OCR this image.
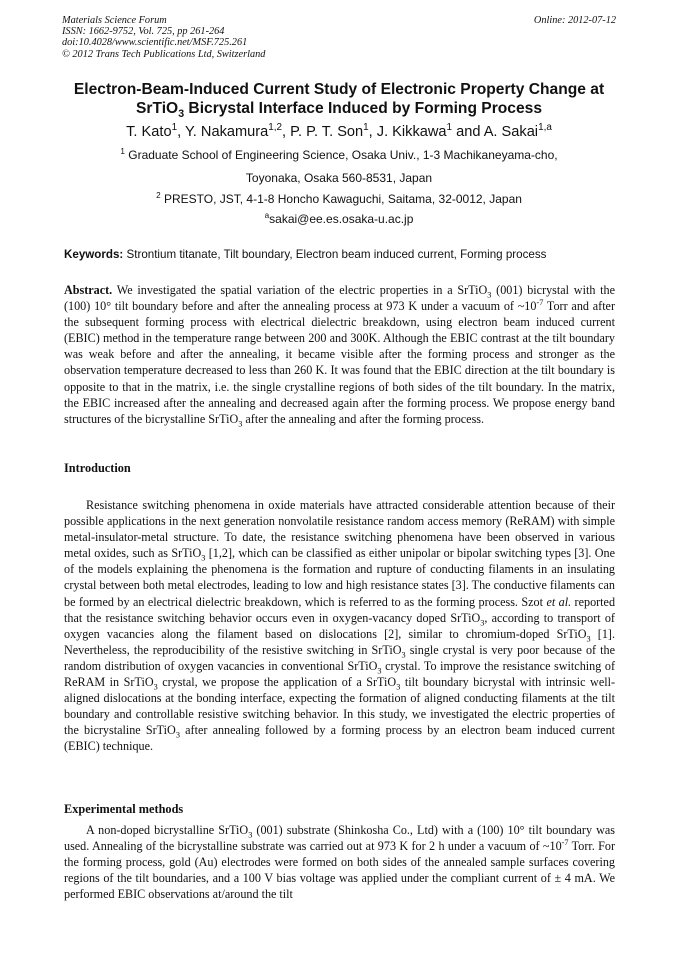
Materials Science Forum
ISSN: 1662-9752, Vol. 725, pp 261-264
doi:10.4028/www.scientific.net/MSF.725.261
© 2012 Trans Tech Publications Ltd, Switzerland
Online: 2012-07-12
Electron-Beam-Induced Current Study of Electronic Property Change at
SrTiO$_3$ Bicrystal Interface Induced by Forming Process
T. Kato$^1$, Y. Nakamura$^{1,2}$, P. P. T. Son$^1$, J. Kikkawa$^1$ and A. Sakai$^{1,a}$
$^1$ Graduate School of Engineering Science, Osaka Univ., 1-3 Machikaneyama-cho,
Toyonaka, Osaka 560-8531, Japan
$^2$ PRESTO, JST, 4-1-8 Honcho Kawaguchi, Saitama, 32-0012, Japan
$^a$sakai@ee.es.osaka-u.ac.jp
Keywords: Strontium titanate, Tilt boundary, Electron beam induced current, Forming process

Abstract. We investigated the spatial variation of the electric properties in a SrTiO$_3$ (001) bicrystal with the (100) 10° tilt boundary before and after the annealing process at 973 K under a vacuum of $\sim 10^{-7}$ Torr and after the subsequent forming process with electrical dielectric breakdown, using electron beam induced current (EBIC) method in the temperature range between 200 and 300K. Although the EBIC contrast at the tilt boundary was weak before and after the annealing, it became visible after the forming process and stronger as the observation temperature decreased to less than 260 K. It was found that the EBIC direction at the tilt boundary is opposite to that in the matrix, i.e. the single crystalline regions of both sides of the tilt boundary. In the matrix, the EBIC increased after the annealing and decreased again after the forming process. We propose energy band structures of the bicrystalline SrTiO$_3$ after the annealing and after the forming process.

Introduction

Resistance switching phenomena in oxide materials have attracted considerable attention because of their possible applications in the next generation nonvolatile resistance random access memory (ReRAM) with simple metal-insulator-metal structure. To date, the resistance switching phenomena have been observed in various metal oxides, such as SrTiO$_3$ [1,2], which can be classified as either unipolar or bipolar switching types [3]. One of the models explaining the phenomena is the formation and rupture of conducting filaments in an insulating crystal between both metal electrodes, leading to low and high resistance states [3]. The conductive filaments can be formed by an electrical dielectric breakdown, which is referred to as the forming process. Szot et al. reported that the resistance switching behavior occurs even in oxygen-vacancy doped SrTiO$_3$, according to transport of oxygen vacancies along the filament based on dislocations [2], similar to chromium-doped SrTiO$_3$ [1]. Nevertheless, the reproducibility of the resistive switching in SrTiO$_3$ single crystal is very poor because of the random distribution of oxygen vacancies in conventional SrTiO$_3$ crystal. To improve the resistance switching of ReRAM in SrTiO$_3$ crystal, we propose the application of a SrTiO$_3$ tilt boundary bicrystal with intrinsic well-aligned dislocations at the bonding interface, expecting the formation of aligned conducting filaments at the tilt boundary and controllable resistive switching behavior. In this study, we investigated the electric properties of the bicrystaline SrTiO$_3$ after annealing followed by a forming process by an electron beam induced current (EBIC) technique.

Experimental methods

A non-doped bicrystalline SrTiO$_3$ (001) substrate (Shinkosha Co., Ltd) with a (100) 10° tilt boundary was used. Annealing of the bicrystalline substrate was carried out at 973 K for 2 h under a vacuum of $\sim 10^{-7}$ Torr. For the forming process, gold (Au) electrodes were formed on both sides of the annealed sample surfaces covering regions of the tilt boundaries, and a 100 V bias voltage was applied under the compliant current of ± 4 mA. We performed EBIC observations at/around the tilt
